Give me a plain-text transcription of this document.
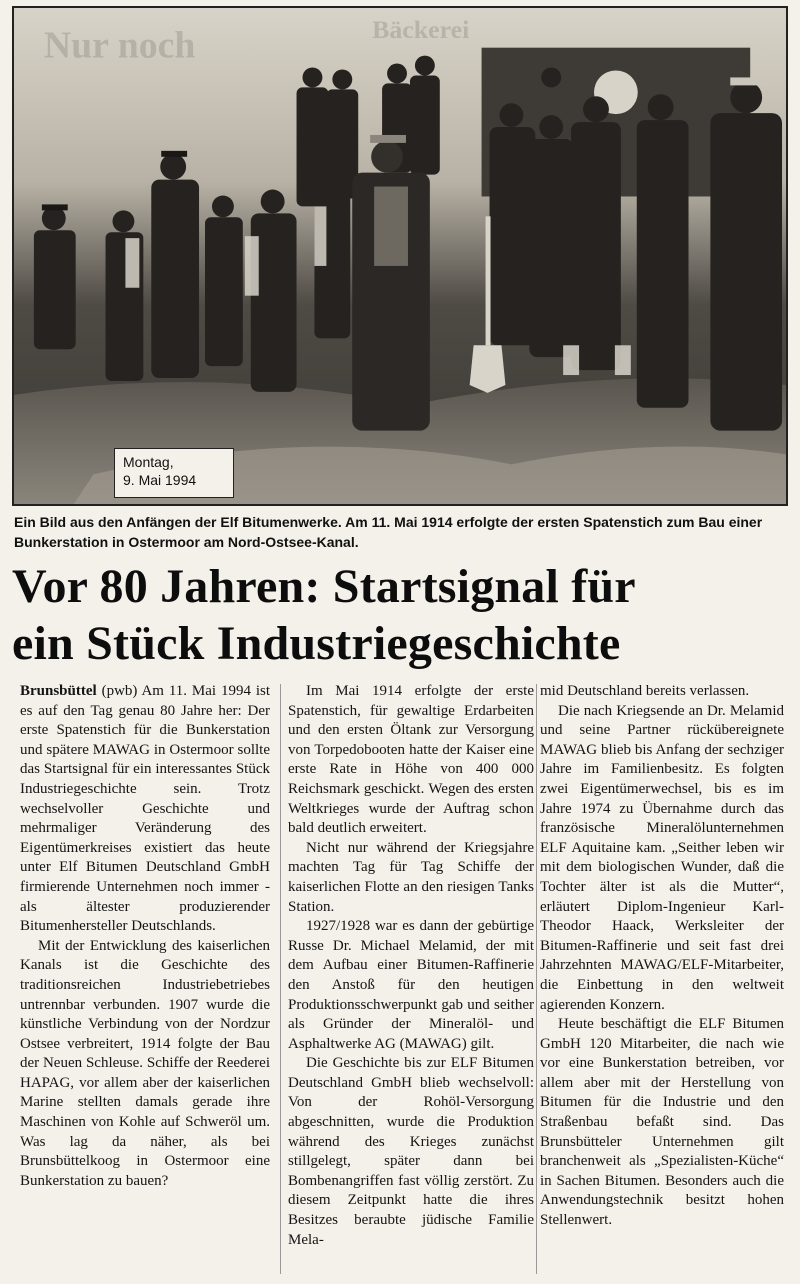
Nur noch	Bäckerei
Montag,
9. Mai 1994
Ein Bild aus den Anfängen der Elf Bitumenwerke. Am 11. Mai 1914 erfolgte der ersten Spatenstich zum Bau einer Bunkerstation in Ostermoor am Nord-Ostsee-Kanal.
Vor 80 Jahren: Startsignal für
ein Stück Industriegeschichte

Brunsbüttel (pwb) Am 11. Mai 1994 ist es auf den Tag genau 80 Jahre her: Der erste Spatenstich für die Bunkerstation und spätere MAWAG in Ostermoor sollte das Startsignal für ein interessantes Stück Industriegeschichte sein. Trotz wechselvoller Geschichte und mehrmaliger Veränderung des Eigentümerkreises existiert das heute unter Elf Bitumen Deutschland GmbH firmierende Unternehmen noch immer - als ältester produzierender Bitumenhersteller Deutschlands.

Mit der Entwicklung des kaiserlichen Kanals ist die Geschichte des traditionsreichen Industriebetriebes untrennbar verbunden. 1907 wurde die künstliche Verbindung von der Nordzur Ostsee verbreitert, 1914 folgte der Bau der Neuen Schleuse. Schiffe der Reederei HAPAG, vor allem aber der kaiserlichen Marine stellten damals gerade ihre Maschinen von Kohle auf Schweröl um. Was lag da näher, als bei Brunsbüttelkoog in Ostermoor eine Bunkerstation zu bauen?

Im Mai 1914 erfolgte der erste Spatenstich, für gewaltige Erdarbeiten und den ersten Öltank zur Versorgung von Torpedobooten hatte der Kaiser eine erste Rate in Höhe von 400 000 Reichsmark geschickt. Wegen des ersten Weltkrieges wurde der Auftrag schon bald deutlich erweitert.

Nicht nur während der Kriegsjahre machten Tag für Tag Schiffe der kaiserlichen Flotte an den riesigen Tanks Station.

1927/1928 war es dann der gebürtige Russe Dr. Michael Melamid, der mit dem Aufbau einer Bitumen-Raffinerie den Anstoß für den heutigen Produktionsschwerpunkt gab und seither als Gründer der Mineralöl- und Asphaltwerke AG (MAWAG) gilt.

Die Geschichte bis zur ELF Bitumen Deutschland GmbH blieb wechselvoll: Von der Rohöl-Versorgung abgeschnitten, wurde die Produktion während des Krieges zunächst stillgelegt, später dann bei Bombenangriffen fast völlig zerstört. Zu diesem Zeitpunkt hatte die ihres Besitzes beraubte jüdische Familie Mela-

mid Deutschland bereits verlassen.

Die nach Kriegsende an Dr. Melamid und seine Partner rückübereignete MAWAG blieb bis Anfang der sechziger Jahre im Familienbesitz. Es folgten zwei Eigentümerwechsel, bis es im Jahre 1974 zu Übernahme durch das französische Mineralölunternehmen ELF Aquitaine kam. „Seither leben wir mit dem biologischen Wunder, daß die Tochter älter ist als die Mutter“, erläutert Diplom-Ingenieur Karl-Theodor Haack, Werksleiter der Bitumen-Raffinerie und seit fast drei Jahrzehnten MAWAG/ELF-Mitarbeiter, die Einbettung in den weltweit agierenden Konzern.

Heute beschäftigt die ELF Bitumen GmbH 120 Mitarbeiter, die nach wie vor eine Bunkerstation betreiben, vor allem aber mit der Herstellung von Bitumen für die Industrie und den Straßenbau befaßt sind. Das Brunsbütteler Unternehmen gilt branchenweit als „Spezialisten-Küche“ in Sachen Bitumen. Besonders auch die Anwendungstechnik besitzt hohen Stellenwert.
